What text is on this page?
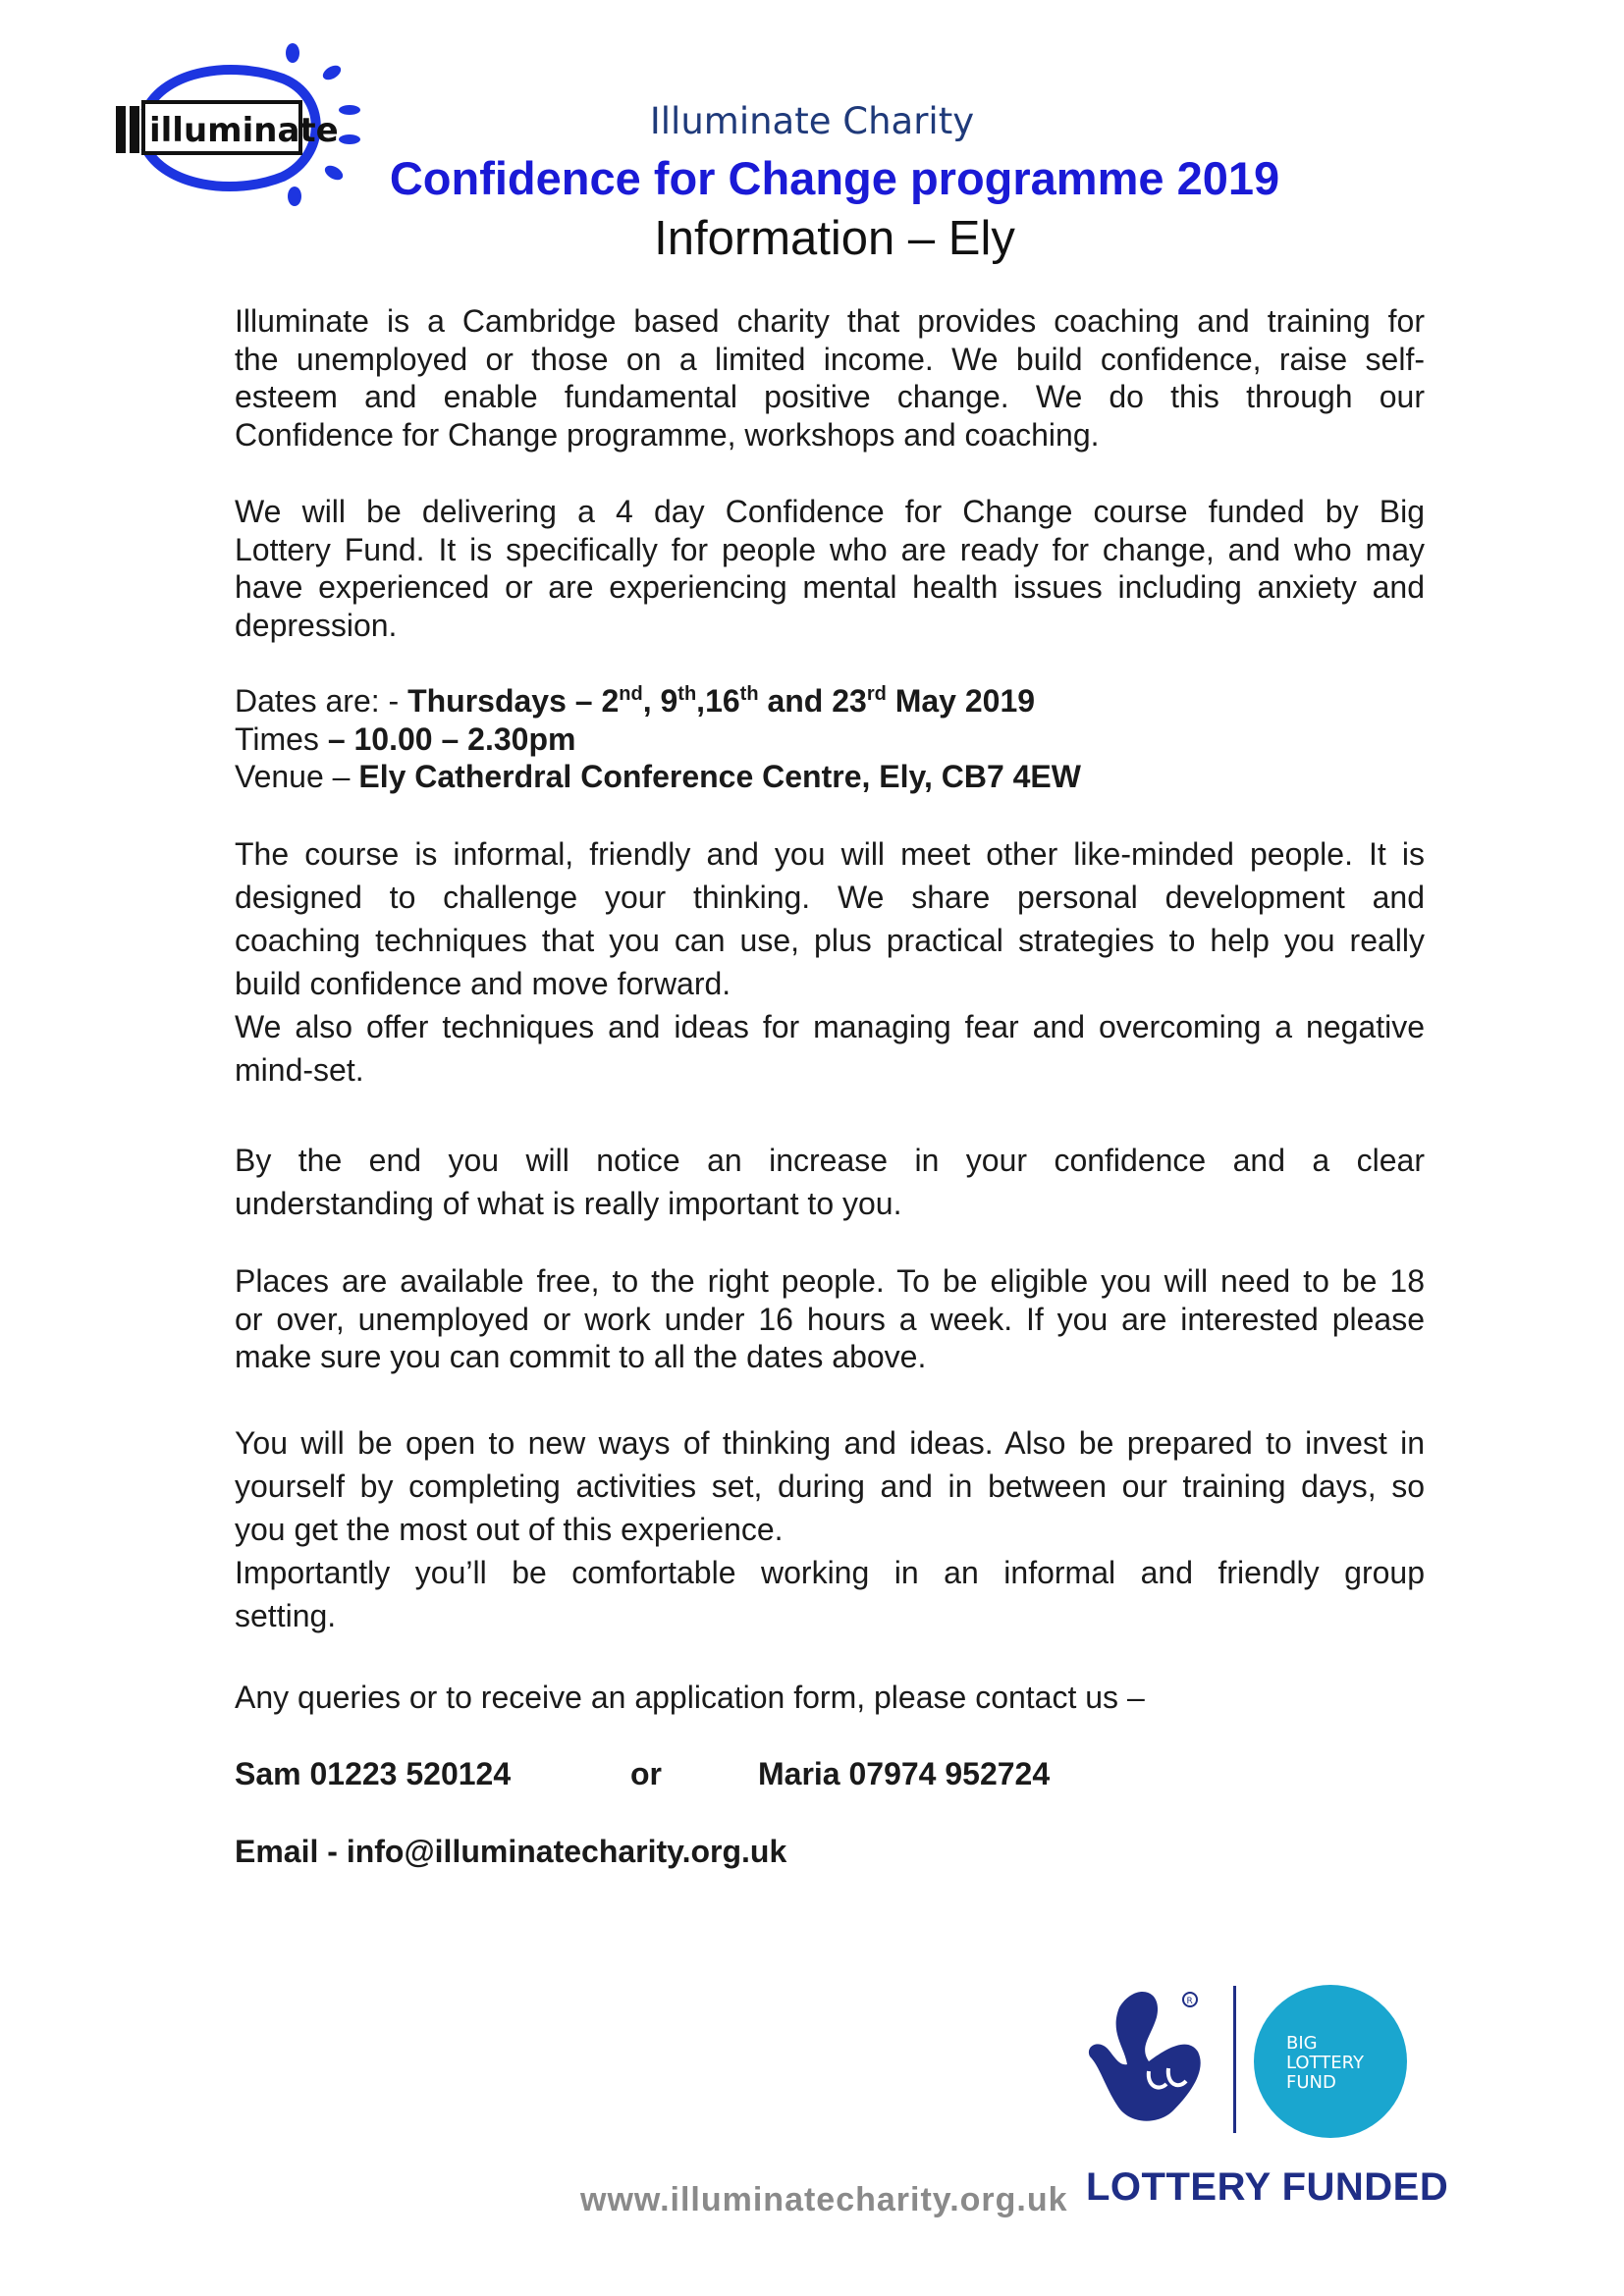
illuminate	Illuminate Charity
Confidence for Change programme 2019
Information – Ely
Illuminate is a Cambridge based charity that provides coaching and training for
the unemployed or those on a limited income. We build confidence, raise self-
esteem and enable fundamental positive change. We do this through our
Confidence for Change programme, workshops and coaching.
We will be delivering a 4 day Confidence for Change course funded by Big
Lottery Fund. It is specifically for people who are ready for change, and who may
have experienced or are experiencing mental health issues including anxiety and
depression.
Dates are: - Thursdays – 2nd, 9th,16th and 23rd May 2019
Times – 10.00 – 2.30pm
Venue – Ely Catherdral Conference Centre, Ely, CB7 4EW
The course is informal, friendly and you will meet other like-minded people. It is
designed to challenge your thinking. We share personal development and
coaching techniques that you can use, plus practical strategies to help you really
build confidence and move forward.
We also offer techniques and ideas for managing fear and overcoming a negative
mind-set.
By the end you will notice an increase in your confidence and a clear
understanding of what is really important to you.
Places are available free, to the right people. To be eligible you will need to be 18
or over, unemployed or work under 16 hours a week. If you are interested please
make sure you can commit to all the dates above.
You will be open to new ways of thinking and ideas. Also be prepared to invest in
yourself by completing activities set, during and in between our training days, so
you get the most out of this experience.
Importantly you’ll be comfortable working in an informal and friendly group
setting.
Any queries or to receive an application form, please contact us –
Sam 01223 520124	or	Maria 07974 952724
Email - info@illuminatecharity.org.uk
www.illuminatecharity.org.uk
R
BIG
LOTTERY
FUND
LOTTERY FUNDED
